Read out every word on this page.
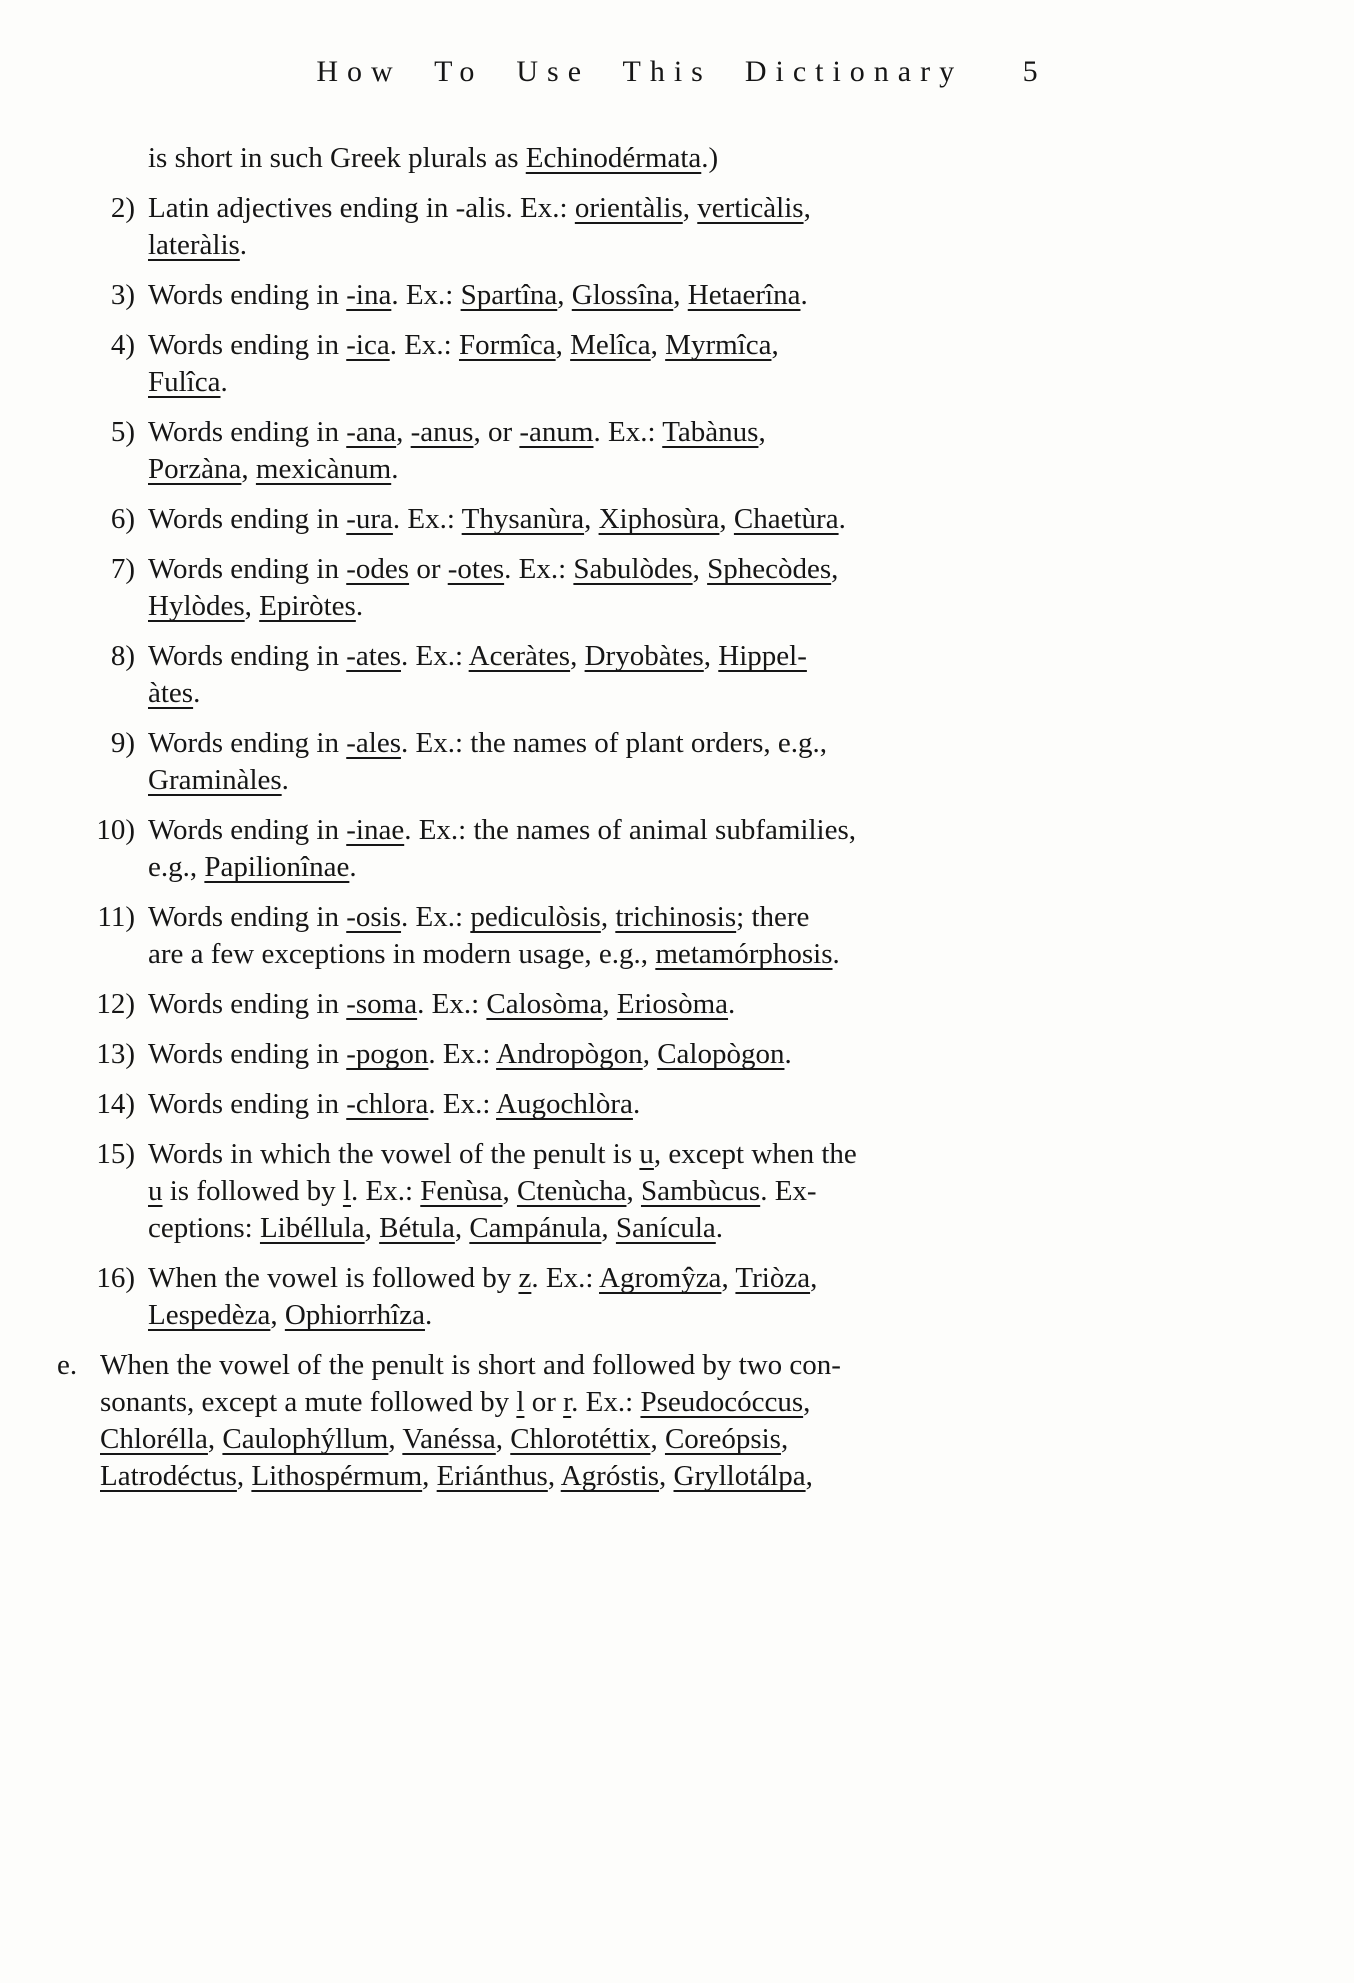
How To Use This Dictionary 5
is short in such Greek plurals as Echinodérmata.)
2) Latin adjectives ending in -alis. Ex.: orientàlis, verticàlis,
lateràlis.
3) Words ending in -ina. Ex.: Spartîna, Glossîna, Hetaerîna.
4) Words ending in -ica. Ex.: Formîca, Melîca, Myrmîca,
Fulîca.
5) Words ending in -ana, -anus, or -anum. Ex.: Tabànus,
Porzàna, mexicànum.
6) Words ending in -ura. Ex.: Thysanùra, Xiphosùra, Chaetùra.
7) Words ending in -odes or -otes. Ex.: Sabulòdes, Sphecòdes,
Hylòdes, Epiròtes.
8) Words ending in -ates. Ex.: Aceràtes, Dryobàtes, Hippel-
àtes.
9) Words ending in -ales. Ex.: the names of plant orders, e.g.,
Graminàles.
10) Words ending in -inae. Ex.: the names of animal subfamilies,
e.g., Papilionînae.
11) Words ending in -osis. Ex.: pediculòsis, trichinosis; there
are a few exceptions in modern usage, e.g., metamórphosis.
12) Words ending in -soma. Ex.: Calosòma, Eriosòma.
13) Words ending in -pogon. Ex.: Andropògon, Calopògon.
14) Words ending in -chlora. Ex.: Augochlòra.
15) Words in which the vowel of the penult is u, except when the
u is followed by l. Ex.: Fenùsa, Ctenùcha, Sambùcus. Ex-
ceptions: Libéllula, Bétula, Campánula, Sanícula.
16) When the vowel is followed by z. Ex.: Agromŷza, Triòza,
Lespedèza, Ophiorrhîza.
e. When the vowel of the penult is short and followed by two con-
sonants, except a mute followed by l or r. Ex.: Pseudocóccus,
Chlorélla, Caulophýllum, Vanéssa, Chlorotéttix, Coreópsis,
Latrodéctus, Lithospérmum, Eriánthus, Agróstis, Gryllotálpa,
